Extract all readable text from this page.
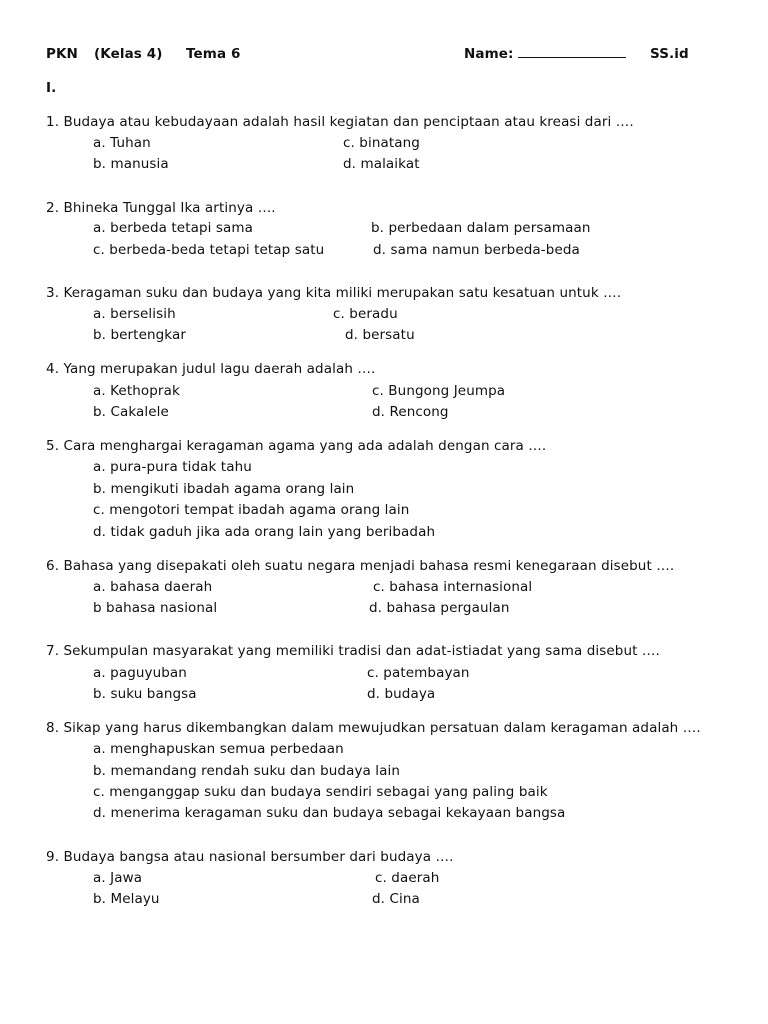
PKN (Kelas 4) Tema 6	Name:	SS.id
I.
1. Budaya atau kebudayaan adalah hasil kegiatan dan penciptaan atau kreasi dari ….
a. Tuhan	c. binatang
b. manusia	d. malaikat
2. Bhineka Tunggal Ika artinya ….
a. berbeda tetapi sama	b. perbedaan dalam persamaan
c. berbeda-beda tetapi tetap satu	d. sama namun berbeda-beda
3. Keragaman suku dan budaya yang kita miliki merupakan satu kesatuan untuk ….
a. berselisih	c. beradu
b. bertengkar	d. bersatu
4. Yang merupakan judul lagu daerah adalah ….
a. Kethoprak	c. Bungong Jeumpa
b. Cakalele	d. Rencong
5. Cara menghargai keragaman agama yang ada adalah dengan cara ….
a. pura-pura tidak tahu
b. mengikuti ibadah agama orang lain
c. mengotori tempat ibadah agama orang lain
d. tidak gaduh jika ada orang lain yang beribadah
6. Bahasa yang disepakati oleh suatu negara menjadi bahasa resmi kenegaraan disebut ….
a. bahasa daerah	c. bahasa internasional
b bahasa nasional	d. bahasa pergaulan
7. Sekumpulan masyarakat yang memiliki tradisi dan adat-istiadat yang sama disebut ….
a. paguyuban	c. patembayan
b. suku bangsa	d. budaya
8. Sikap yang harus dikembangkan dalam mewujudkan persatuan dalam keragaman adalah ….
a. menghapuskan semua perbedaan
b. memandang rendah suku dan budaya lain
c. menganggap suku dan budaya sendiri sebagai yang paling baik
d. menerima keragaman suku dan budaya sebagai kekayaan bangsa
9. Budaya bangsa atau nasional bersumber dari budaya ….
a. Jawa	c. daerah
b. Melayu	d. Cina
